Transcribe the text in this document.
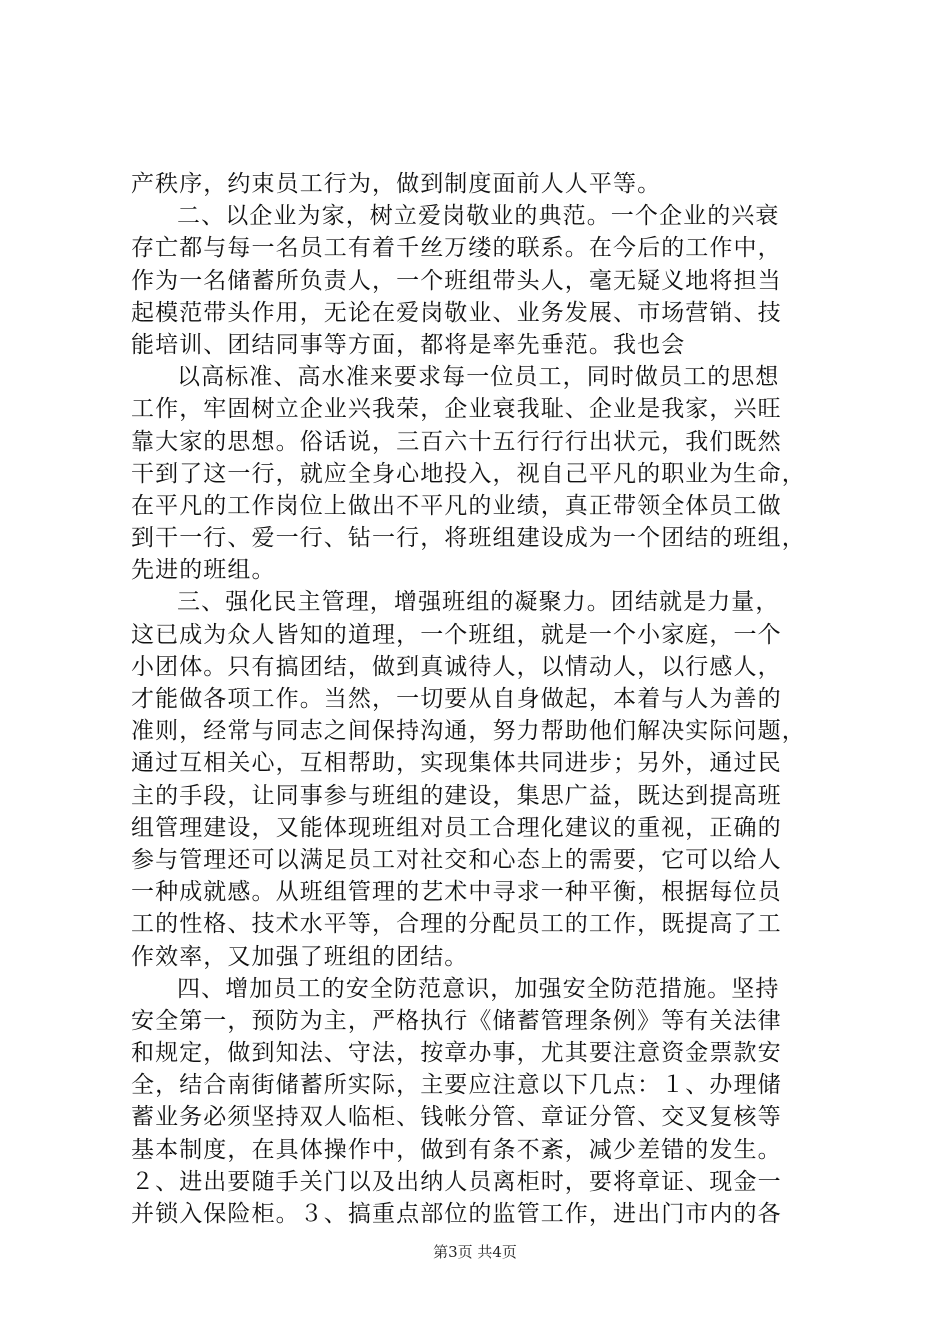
产秩序，约束员工行为，做到制度面前人人平等。
二、以企业为家，树立爱岗敬业的典范。一个企业的兴衰
存亡都与每一名员工有着千丝万缕的联系。在今后的工作中，
作为一名储蓄所负责人，一个班组带头人，毫无疑义地将担当
起模范带头作用，无论在爱岗敬业、业务发展、市场营销、技
能培训、团结同事等方面，都将是率先垂范。我也会
以高标准、高水准来要求每一位员工，同时做员工的思想
工作，牢固树立企业兴我荣，企业衰我耻、企业是我家，兴旺
靠大家的思想。俗话说，三百六十五行行行出状元，我们既然
干到了这一行，就应全身心地投入，视自己平凡的职业为生命，
在平凡的工作岗位上做出不平凡的业绩，真正带领全体员工做
到干一行、爱一行、钻一行，将班组建设成为一个团结的班组，
先进的班组。
三、强化民主管理，增强班组的凝聚力。团结就是力量，
这已成为众人皆知的道理，一个班组，就是一个小家庭，一个
小团体。只有搞团结，做到真诚待人，以情动人，以行感人，
才能做各项工作。当然，一切要从自身做起，本着与人为善的
准则，经常与同志之间保持沟通，努力帮助他们解决实际问题，
通过互相关心，互相帮助，实现集体共同进步；另外，通过民
主的手段，让同事参与班组的建设，集思广益，既达到提高班
组管理建设，又能体现班组对员工合理化建议的重视，正确的
参与管理还可以满足员工对社交和心态上的需要，它可以给人
一种成就感。从班组管理的艺术中寻求一种平衡，根据每位员
工的性格、技术水平等，合理的分配员工的工作，既提高了工
作效率，又加强了班组的团结。
四、增加员工的安全防范意识，加强安全防范措施。坚持
安全第一，预防为主，严格执行《储蓄管理条例》等有关法律
和规定，做到知法、守法，按章办事，尤其要注意资金票款安
全，结合南街储蓄所实际，主要应注意以下几点：１、办理储
蓄业务必须坚持双人临柜、钱帐分管、章证分管、交叉复核等
基本制度，在具体操作中，做到有条不紊，减少差错的发生。
２、进出要随手关门以及出纳人员离柜时，要将章证、现金一
并锁入保险柜。３、搞重点部位的监管工作，进出门市内的各
第3页 共4页
